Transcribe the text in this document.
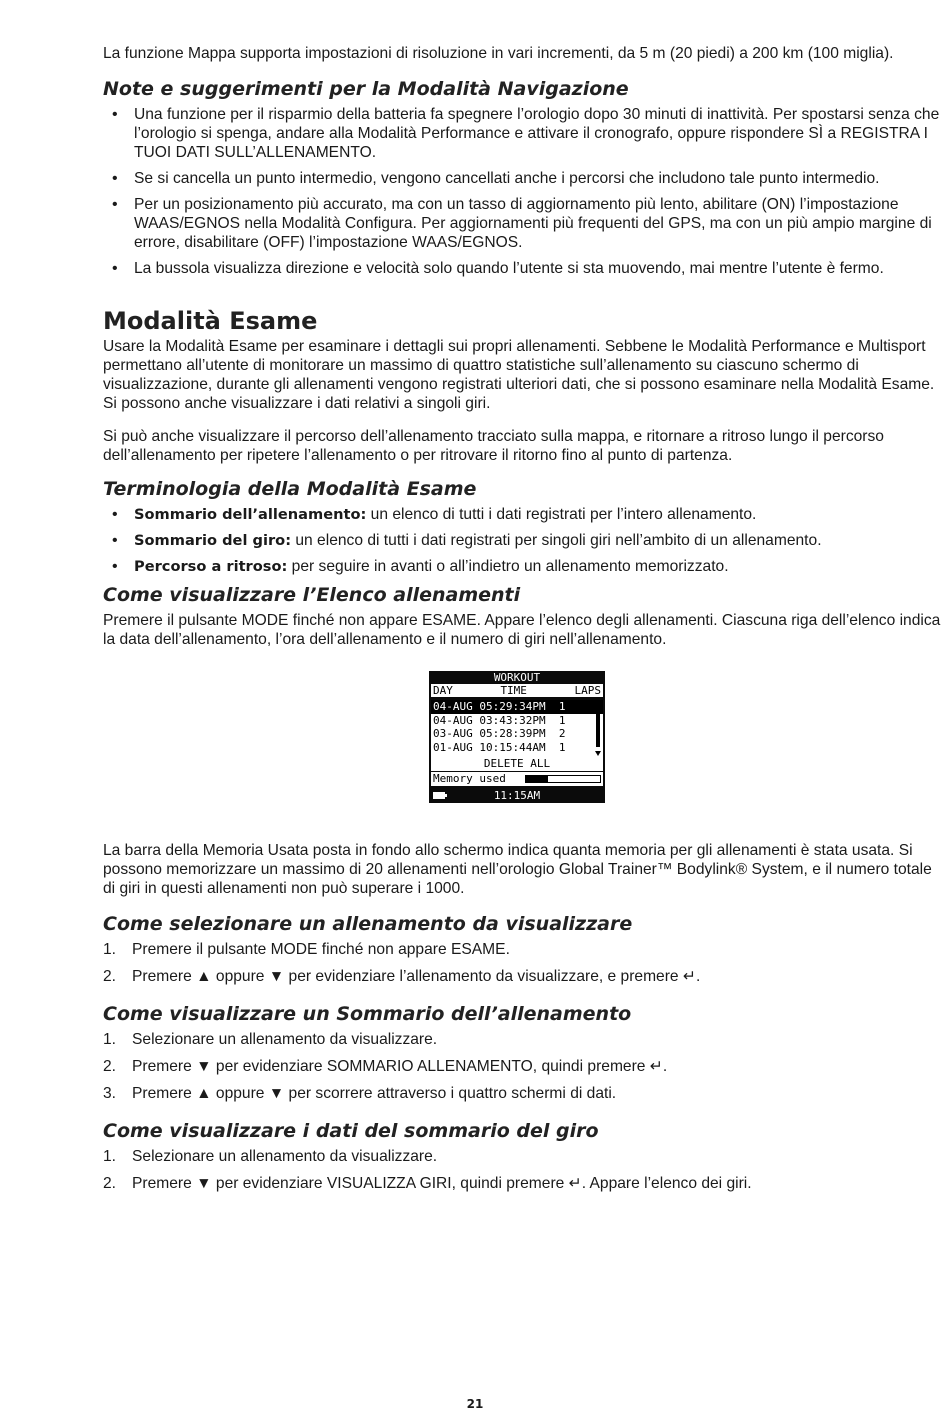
La funzione Mappa supporta impostazioni di risoluzione in vari incrementi, da 5 m (20 piedi) a 200 km (100 miglia).

Note e suggerimenti per la Modalità Navigazione
• Una funzione per il risparmio della batteria fa spegnere l’orologio dopo 30 minuti di inattività. Per spostarsi senza che l’orologio si spenga, andare alla Modalità Performance e attivare il cronografo, oppure rispondere SÌ a REGISTRA I TUOI DATI SULL’ALLENAMENTO.
• Se si cancella un punto intermedio, vengono cancellati anche i percorsi che includono tale punto intermedio.
• Per un posizionamento più accurato, ma con un tasso di aggiornamento più lento, abilitare (ON) l’impostazione WAAS/EGNOS nella Modalità Configura. Per aggiornamenti più frequenti del GPS, ma con un più ampio margine di errore, disabilitare (OFF) l’impostazione WAAS/EGNOS.
• La bussola visualizza direzione e velocità solo quando l’utente si sta muovendo, mai mentre l’utente è fermo.
Modalità Esame

Usare la Modalità Esame per esaminare i dettagli sui propri allenamenti. Sebbene le Modalità Performance e Multisport permettano all’utente di monitorare un massimo di quattro statistiche sull’allenamento su ciascuno schermo di visualizzazione, durante gli allenamenti vengono registrati ulteriori dati, che si possono esaminare nella Modalità Esame. Si possono anche visualizzare i dati relativi a singoli giri.

Si può anche visualizzare il percorso dell’allenamento tracciato sulla mappa, e ritornare a ritroso lungo il percorso dell’allenamento per ripetere l’allenamento o per ritrovare il ritorno fino al punto di partenza.

Terminologia della Modalità Esame
• Sommario dell’allenamento: un elenco di tutti i dati registrati per l’intero allenamento.
• Sommario del giro: un elenco di tutti i dati registrati per singoli giri nell’ambito di un allenamento.
• Percorso a ritroso: per seguire in avanti o all’indietro un allenamento memorizzato.
Come visualizzare l’Elenco allenamenti

Premere il pulsante MODE finché non appare ESAME. Appare l’elenco degli allenamenti. Ciascuna riga dell’elenco indica la data dell’allenamento, l’ora dell’allenamento e il numero di giri nell’allenamento.

WORKOUT
DAY	TIME	LAPS
04-AUG 05:29:34PM  1
04-AUG 03:43:32PM  1
03-AUG 05:28:39PM  2
01-AUG 10:15:44AM  1
DELETE ALL
Memory used
11:15AM

La barra della Memoria Usata posta in fondo allo schermo indica quanta memoria per gli allenamenti è stata usata. Si possono memorizzare un massimo di 20 allenamenti nell’orologio Global Trainer™ Bodylink® System, e il numero totale di giri in questi allenamenti non può superare i 1000.

Come selezionare un allenamento da visualizzare
1. Premere il pulsante MODE finché non appare ESAME.
2. Premere ▲ oppure ▼ per evidenziare l’allenamento da visualizzare, e premere ↵.
Come visualizzare un Sommario dell’allenamento
1. Selezionare un allenamento da visualizzare.
2. Premere ▼ per evidenziare SOMMARIO ALLENAMENTO, quindi premere ↵.
3. Premere ▲ oppure ▼ per scorrere attraverso i quattro schermi di dati.
Come visualizzare i dati del sommario del giro
1. Selezionare un allenamento da visualizzare.
2. Premere ▼ per evidenziare VISUALIZZA GIRI, quindi premere ↵. Appare l’elenco dei giri.
21
